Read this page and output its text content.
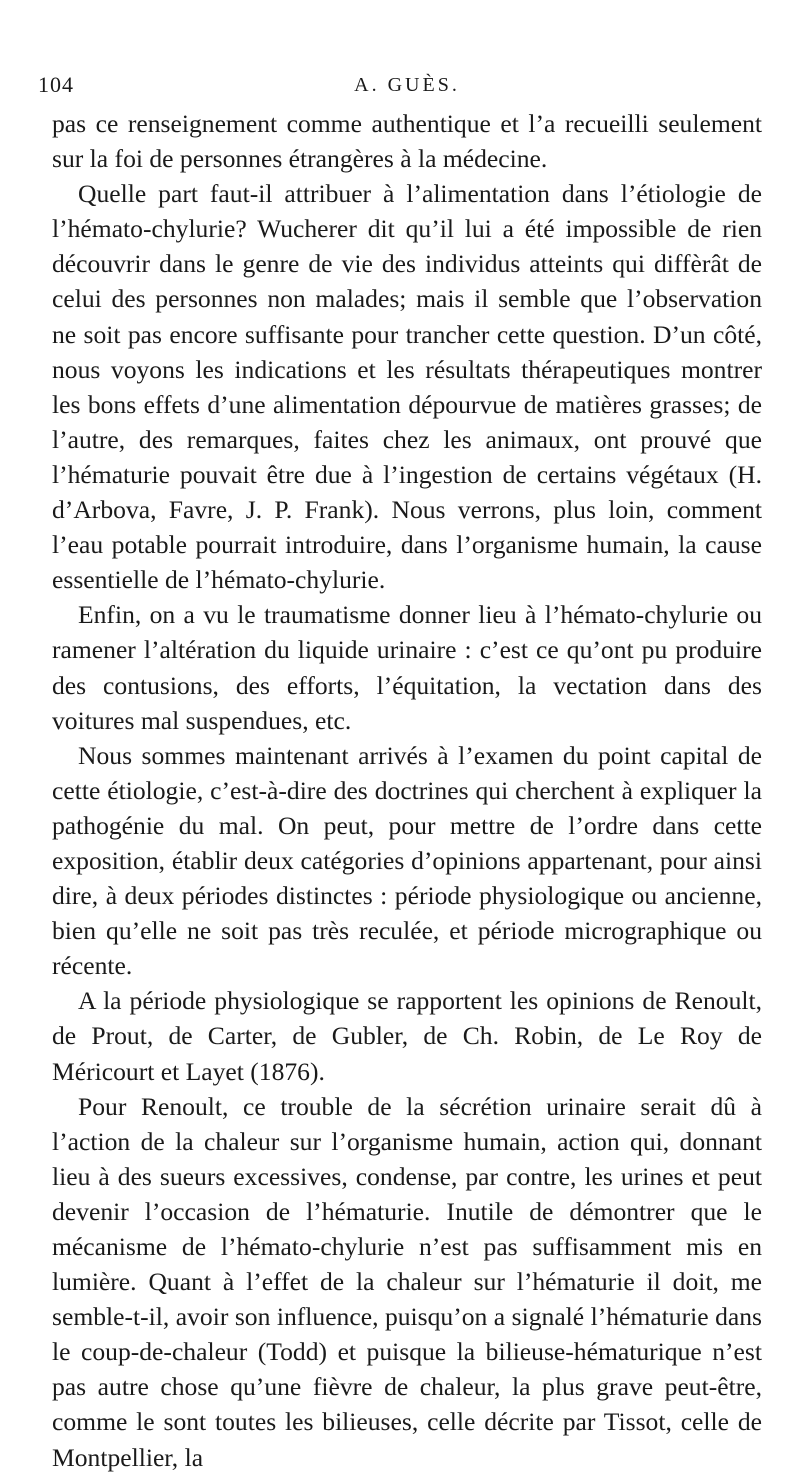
104	A. GUÈS.

pas ce renseignement comme authentique et l’a recueilli seulement sur la foi de personnes étrangères à la médecine.

Quelle part faut-il attribuer à l’alimentation dans l’étiologie de l’hémato-chylurie? Wucherer dit qu’il lui a été impossible de rien découvrir dans le genre de vie des individus atteints qui diffèrât de celui des personnes non malades; mais il semble que l’observation ne soit pas encore suffisante pour trancher cette question. D’un côté, nous voyons les indications et les résultats thérapeutiques montrer les bons effets d’une alimentation dépourvue de matières grasses; de l’autre, des remarques, faites chez les animaux, ont prouvé que l’hématurie pouvait être due à l’ingestion de certains végétaux (H. d’Arbova, Favre, J. P. Frank). Nous verrons, plus loin, comment l’eau potable pourrait introduire, dans l’organisme humain, la cause essentielle de l’hémato-chylurie.

Enfin, on a vu le traumatisme donner lieu à l’hémato-chylurie ou ramener l’altération du liquide urinaire : c’est ce qu’ont pu produire des contusions, des efforts, l’équitation, la vectation dans des voitures mal suspendues, etc.

Nous sommes maintenant arrivés à l’examen du point capital de cette étiologie, c’est-à-dire des doctrines qui cherchent à expliquer la pathogénie du mal. On peut, pour mettre de l’ordre dans cette exposition, établir deux catégories d’opinions appartenant, pour ainsi dire, à deux périodes distinctes : période physiologique ou ancienne, bien qu’elle ne soit pas très reculée, et période micrographique ou récente.

A la période physiologique se rapportent les opinions de Renoult, de Prout, de Carter, de Gubler, de Ch. Robin, de Le Roy de Méricourt et Layet (1876).

Pour Renoult, ce trouble de la sécrétion urinaire serait dû à l’action de la chaleur sur l’organisme humain, action qui, donnant lieu à des sueurs excessives, condense, par contre, les urines et peut devenir l’occasion de l’hématurie. Inutile de démontrer que le mécanisme de l’hémato-chylurie n’est pas suffisamment mis en lumière. Quant à l’effet de la chaleur sur l’hématurie il doit, me semble-t-il, avoir son influence, puisqu’on a signalé l’hématurie dans le coup-de-chaleur (Todd) et puisque la bilieuse-hématurique n’est pas autre chose qu’une fièvre de chaleur, la plus grave peut-être, comme le sont toutes les bilieuses, celle décrite par Tissot, celle de Montpellier, la
